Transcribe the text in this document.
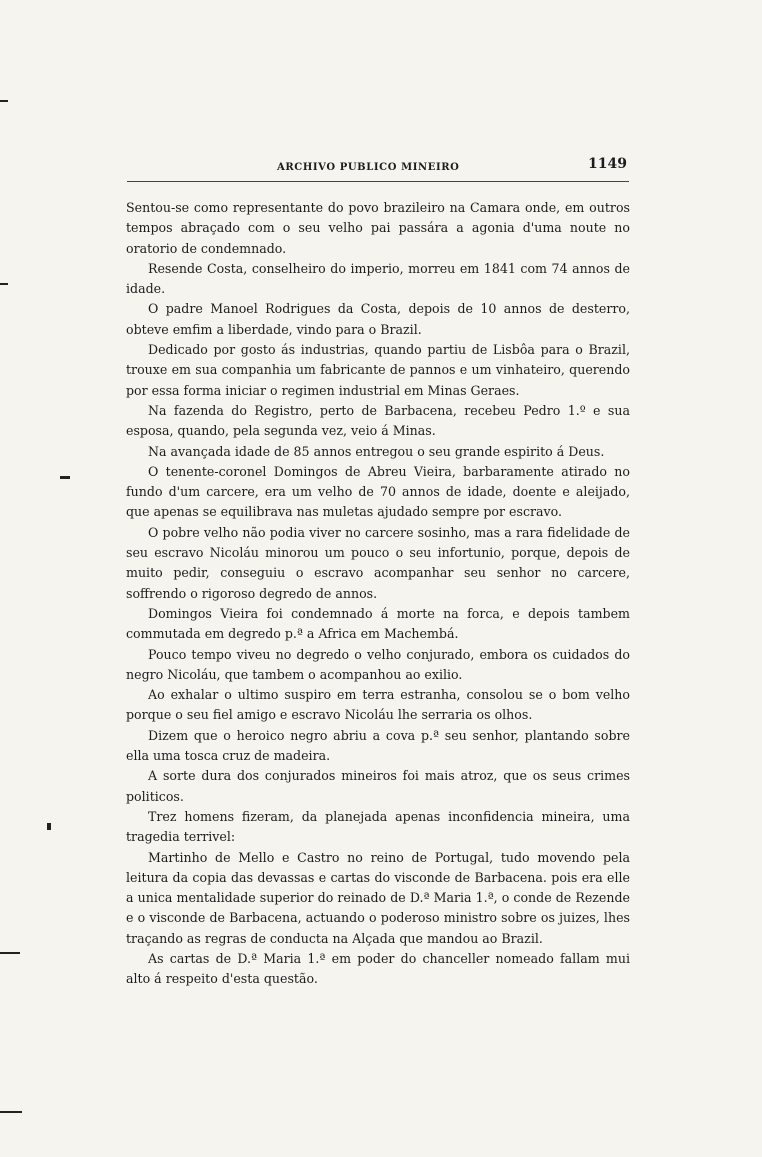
ARCHIVO PUBLICO MINEIRO	1149

Sentou-se como representante do povo brazileiro na Camara onde, em outros tempos abraçado com o seu velho pai passára a agonia d'uma noute no oratorio de condemnado.

Resende Costa, conselheiro do imperio, morreu em 1841 com 74 annos de idade.

O padre Manoel Rodrigues da Costa, depois de 10 annos de desterro, obteve emfim a liberdade, vindo para o Brazil.

Dedicado por gosto ás industrias, quando partiu de Lisbôa para o Brazil, trouxe em sua companhia um fabricante de pannos e um vinhateiro, querendo por essa forma iniciar o regimen industrial em Minas Geraes.

Na fazenda do Registro, perto de Barbacena, recebeu Pedro 1.º e sua esposa, quando, pela segunda vez, veio á Minas.

Na avançada idade de 85 annos entregou o seu grande espirito á Deus.

O tenente-coronel Domingos de Abreu Vieira, barbaramente atirado no fundo d'um carcere, era um velho de 70 annos de idade, doente e aleijado, que apenas se equilibrava nas muletas ajudado sempre por escravo.

O pobre velho não podia viver no carcere sosinho, mas a rara fidelidade de seu escravo Nicoláu minorou um pouco o seu infortunio, porque, depois de muito pedir, conseguiu o escravo acompanhar seu senhor no carcere, soffrendo o rigoroso degredo de annos.

Domingos Vieira foi condemnado á morte na forca, e depois tambem commutada em degredo p.ª a Africa em Machembá.

Pouco tempo viveu no degredo o velho conjurado, embora os cuidados do negro Nicoláu, que tambem o acompanhou ao exilio.

Ao exhalar o ultimo suspiro em terra estranha, consolou se o bom velho porque o seu fiel amigo e escravo Nicoláu lhe serraria os olhos.

Dizem que o heroico negro abriu a cova p.ª seu senhor, plantando sobre ella uma tosca cruz de madeira.

A sorte dura dos conjurados mineiros foi mais atroz, que os seus crimes politicos.

Trez homens fizeram, da planejada apenas inconfidencia mineira, uma tragedia terrivel:

Martinho de Mello e Castro no reino de Portugal, tudo movendo pela leitura da copia das devassas e cartas do visconde de Barbacena. pois era elle a unica mentalidade superior do reinado de D.ª Maria 1.ª, o conde de Rezende e o visconde de Barbacena, actuando o poderoso ministro sobre os juizes, lhes traçando as regras de conducta na Alçada que mandou ao Brazil.

As cartas de D.ª Maria 1.ª em poder do chanceller nomeado fallam mui alto á respeito d'esta questão.
